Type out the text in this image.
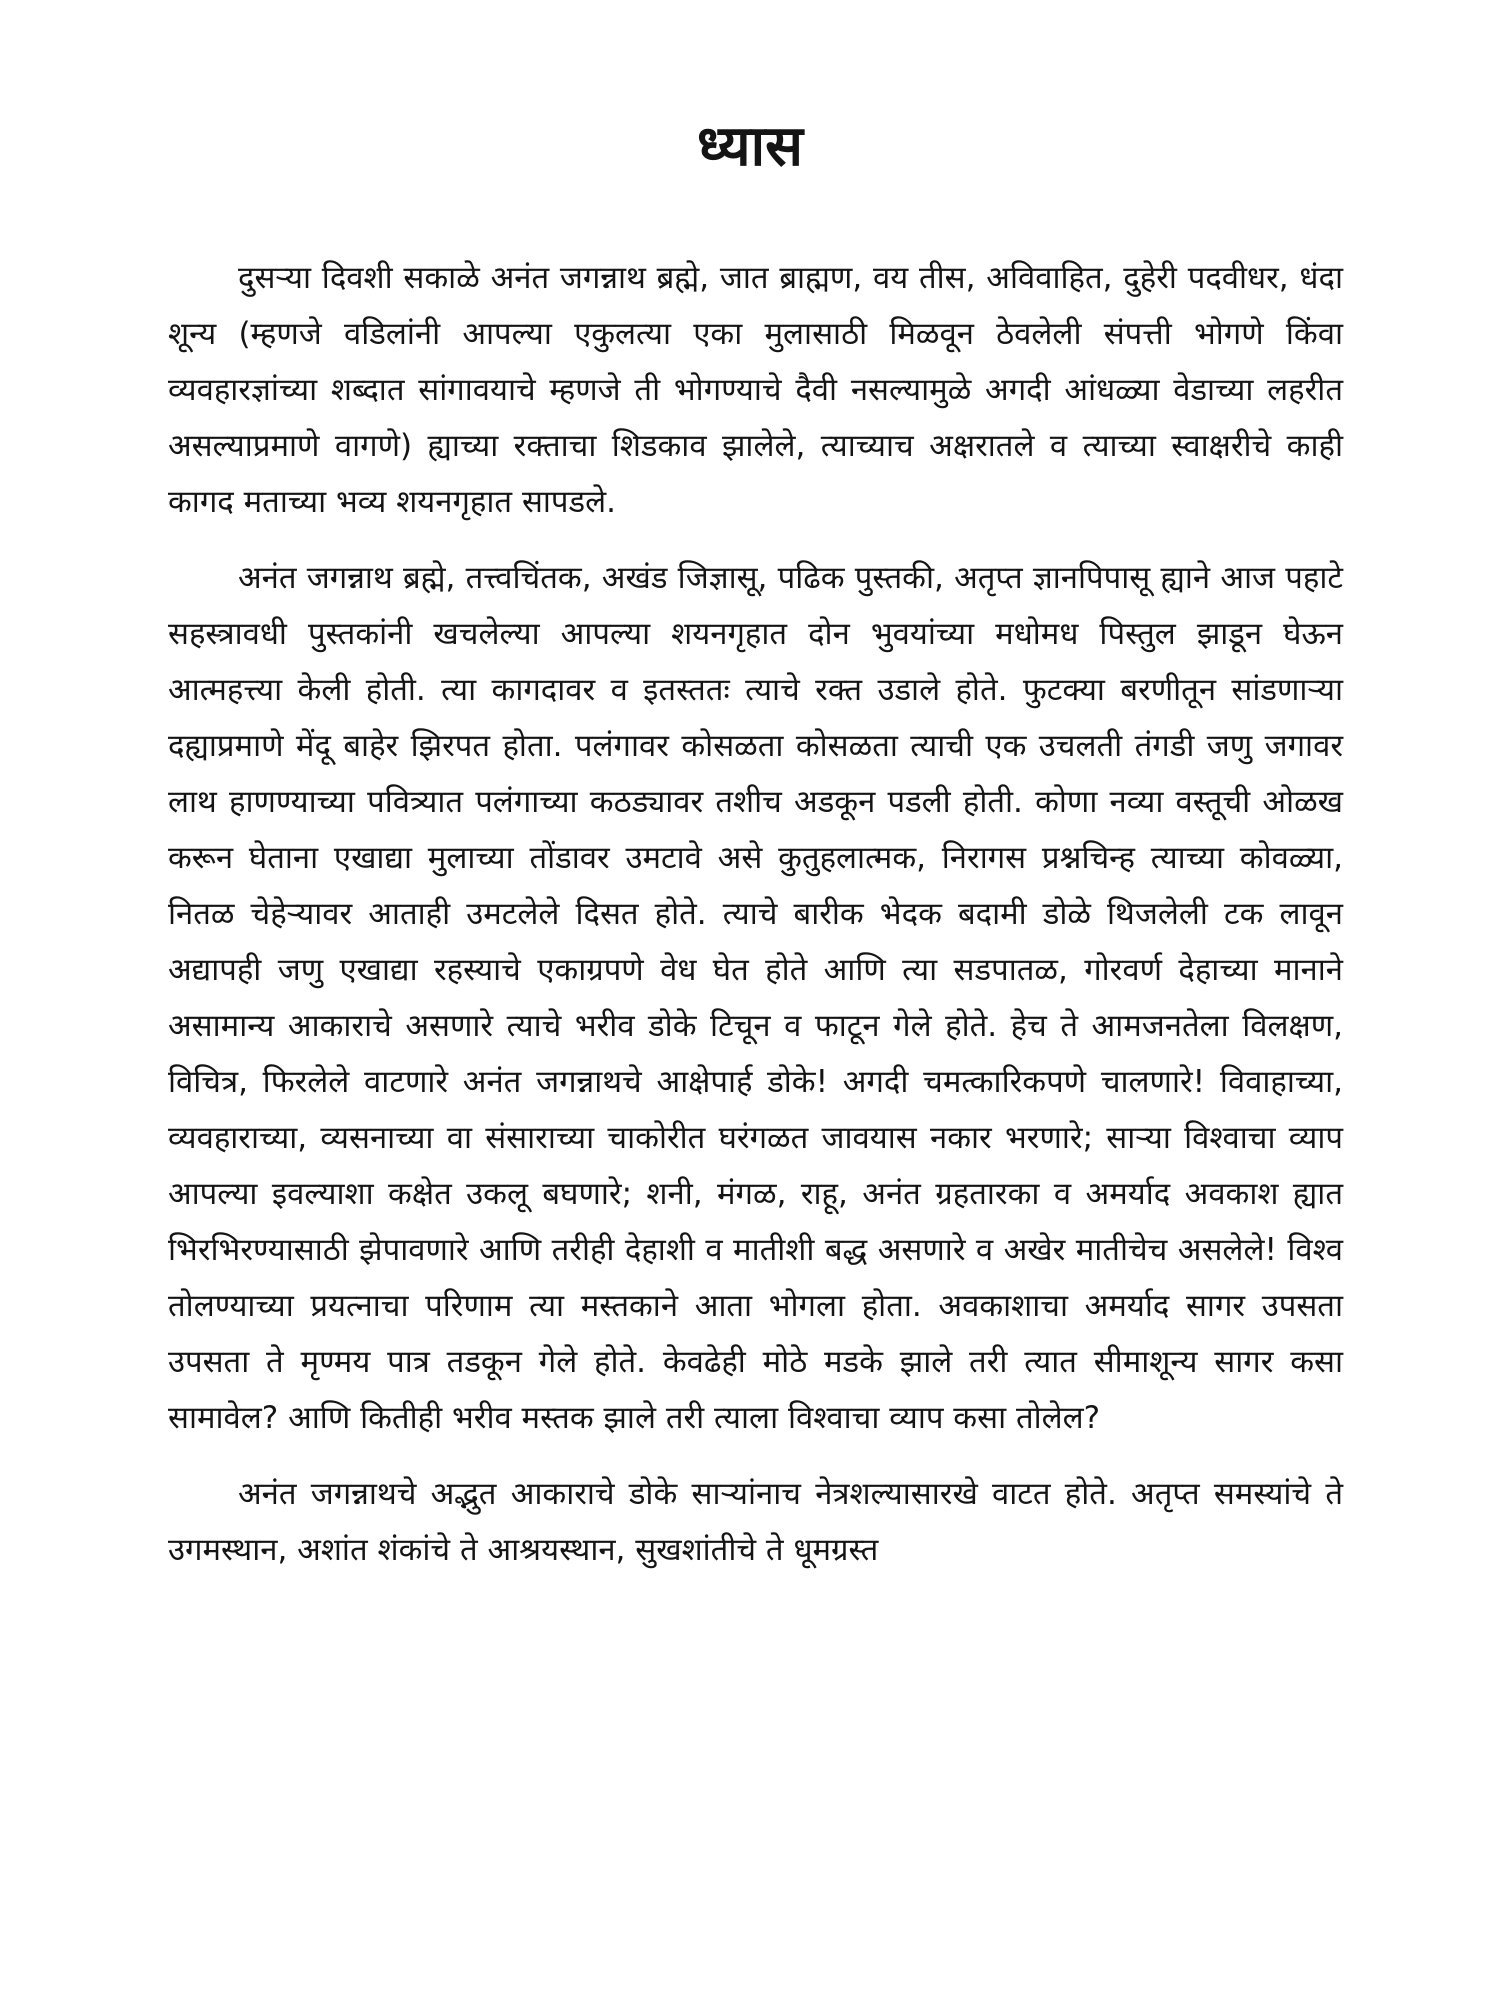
ध्यास

दुसऱ्या दिवशी सकाळे अनंत जगन्नाथ ब्रह्मे, जात ब्राह्मण, वय तीस, अविवाहित, दुहेरी पदवीधर, धंदा शून्य (म्हणजे वडिलांनी आपल्या एकुलत्या एका मुलासाठी मिळवून ठेवलेली संपत्ती भोगणे किंवा व्यवहारज्ञांच्या शब्दात सांगावयाचे म्हणजे ती भोगण्याचे दैवी नसल्यामुळे अगदी आंधळ्या वेडाच्या लहरीत असल्याप्रमाणे वागणे) ह्याच्या रक्ताचा शिडकाव झालेले, त्याच्याच अक्षरातले व त्याच्या स्वाक्षरीचे काही कागद मताच्या भव्य शयनगृहात सापडले.

अनंत जगन्नाथ ब्रह्मे, तत्त्वचिंतक, अखंड जिज्ञासू, पढिक पुस्तकी, अतृप्त ज्ञानपिपासू ह्याने आज पहाटे सहस्त्रावधी पुस्तकांनी खचलेल्या आपल्या शयनगृहात दोन भुवयांच्या मधोमध पिस्तुल झाडून घेऊन आत्महत्त्या केली होती. त्या कागदावर व इतस्ततः त्याचे रक्त उडाले होते. फुटक्या बरणीतून सांडणाऱ्या दह्याप्रमाणे मेंदू बाहेर झिरपत होता. पलंगावर कोसळता कोसळता त्याची एक उचलती तंगडी जणु जगावर लाथ हाणण्याच्या पवित्र्यात पलंगाच्या कठड्यावर तशीच अडकून पडली होती. कोणा नव्या वस्तूची ओळख करून घेताना एखाद्या मुलाच्या तोंडावर उमटावे असे कुतुहलात्मक, निरागस प्रश्नचिन्ह त्याच्या कोवळ्या, नितळ चेहेऱ्यावर आताही उमटलेले दिसत होते. त्याचे बारीक भेदक बदामी डोळे थिजलेली टक लावून अद्यापही जणु एखाद्या रहस्याचे एकाग्रपणे वेध घेत होते आणि त्या सडपातळ, गोरवर्ण देहाच्या मानाने असामान्य आकाराचे असणारे त्याचे भरीव डोके टिचून व फाटून गेले होते. हेच ते आमजनतेला विलक्षण, विचित्र, फिरलेले वाटणारे अनंत जगन्नाथचे आक्षेपार्ह डोके! अगदी चमत्कारिकपणे चालणारे! विवाहाच्या, व्यवहाराच्या, व्यसनाच्या वा संसाराच्या चाकोरीत घरंगळत जावयास नकार भरणारे; साऱ्या विश्वाचा व्याप आपल्या इवल्याशा कक्षेत उकलू बघणारे; शनी, मंगळ, राहू, अनंत ग्रहतारका व अमर्याद अवकाश ह्यात भिरभिरण्यासाठी झेपावणारे आणि तरीही देहाशी व मातीशी बद्ध असणारे व अखेर मातीचेच असलेले! विश्व तोलण्याच्या प्रयत्नाचा परिणाम त्या मस्तकाने आता भोगला होता. अवकाशाचा अमर्याद सागर उपसता उपसता ते मृण्मय पात्र तडकून गेले होते. केवढेही मोठे मडके झाले तरी त्यात सीमाशून्य सागर कसा सामावेल? आणि कितीही भरीव मस्तक झाले तरी त्याला विश्वाचा व्याप कसा तोलेल?

अनंत जगन्नाथचे अद्भुत आकाराचे डोके साऱ्यांनाच नेत्रशल्यासारखे वाटत होते. अतृप्त समस्यांचे ते उगमस्थान, अशांत शंकांचे ते आश्रयस्थान, सुखशांतीचे ते धूमग्रस्त
